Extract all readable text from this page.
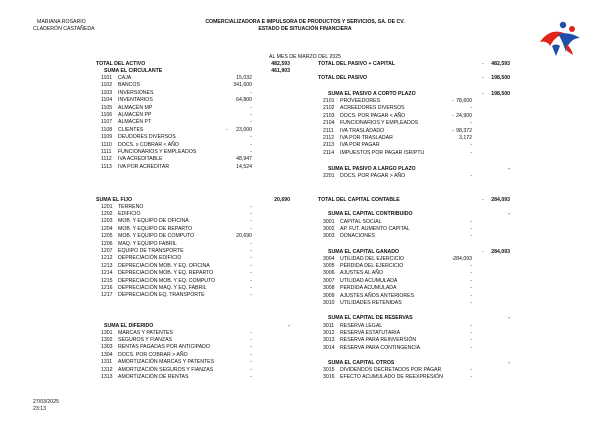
MARIANA ROSARIO
CLADERÓN CASTAÑEDA
COMERCIALIZADORA E IMPULSORA DE PRODUCTOS Y SERVICIOS, SA. DE CV.
ESTADO DE SITUACIÓN FINANCIERA
AL MES DE MARZO DEL 2025
TOTAL DEL ACTIVO	482,593
SUMA EL CIRCULANTE	461,903
1101 CAJA	15,032
1102 BANCOS	341,600
1103 INVERSIONES	-
1104 INVENTARIOS	64,800
1105 ALMACÉN MP	-
1106 ALMACÉN PP	-
1107 ALMACÉN PT	-
1108 CLIENTES	-	23,000
1109 DEUDORES DIVERSOS	-
1110 DOCS. x COBRAR < AÑO	-
1111 FUNCIONARIOS Y EMPLEADOS	-
1112 IVA ACREDITABLE	48,947
1113 IVA POR ACREDITAR	14,524
SUMA EL FIJO	20,690
1201 TERRENO	-
1202 EDIFICIO	-
1203 MOB. Y EQUIPO DE OFICINA	-
1204 MOB. Y EQUIPO DE REPARTO	-
1205 MOB. Y EQUIPO DE COMPUTO	20,690
1206 MAQ. Y EQUIPO FABRIL	-
1207 EQUIPO DE TRANSPORTE	-
1212 DEPRECIACIÓN EDIFICIO	-
1213 DEPRECIACIÓN MOB. Y EQ. OFICINA	-
1214 DEPRECIACIÓN MOB. Y EQ. REPARTO	-
1215 DEPRECIACIÓN MOB. Y EQ. COMPUTO	-
1216 DEPRECIACIÓN MAQ. Y EQ. FABRIL	-
1217 DEPRECIACIÓN EQ. TRANSPORTE	-
SUMA EL DIFERIDO	-
1301 MARCAS Y PATENTES	-
1302 SEGUROS Y FIANZAS	-
1303 RENTAS PAGADAS POR ANTICIPADO	-
1304 DOCS. POR COBRAR > AÑO	-
1311 AMORTIZACIÓN MARCAS Y PATENTES	-
1312 AMORTIZACIÓN SEGUROS Y FIANZAS	-
1313 AMORTIZACIÓN DE RENTAS	-
TOTAL DEL PASIVO + CAPITAL	-	482,593
TOTAL DEL PASIVO	-	198,500
SUMA EL PASIVO A CORTO PLAZO	-	198,500
2101 PROVEEDORES	- 78,600
2102 ACREEDORES DIVERSOS	-
2103 DOCS. POR PAGAR < AÑO	- 24,900
2104 FUNCIONARIOS Y EMPLEADOS	-
2111 IVA TRASLADADO	- 98,372
2112 IVA POR TRASLADAR	3,172
2113 IVA POR PAGAR	-
2114 IMPUESTOS POR PAGAR ISR/PTU	-
SUMA EL PASIVO A LARGO PLAZO	-
2201 DOCS. POR PAGAR > AÑO	-
TOTAL DEL CAPITAL CONTABLE	-	284,093
SUMA EL CAPITAL CONTRIBUIDO	-
3001 CAPITAL SOCIAL	-
3002 AP. FUT. AUMENTO CAPITAL	-
3003 DONACIONES	-
SUMA EL CAPITAL GANADO	-	284,093
3004 UTILIDAD DEL EJERCICIO	- 284,093
3005 PÉRDIDA DEL EJERCICIO	-
3006 AJUSTES AL AÑO	-
3007 UTILIDAD ACUMULADA	-
3008 PERDIDA ACUMULADA	-
3009 AJUSTES AÑOS ANTERIORES	-
3010 UTILIDADES RETENIDAS	-
SUMA EL CAPITAL DE RESERVAS	-
3011 RESERVA LEGAL	-
3012 RESERVA ESTATUTARIA	-
3013 RESERVA PARA REINVERSIÓN	-
3014 RESERVA PARA CONTINGENCIA	-
SUMA EL CAPITAL OTROS	-
3015 DIVIDENDOS DECRETADOS POR PAGAR	-
3016 EFECTO ACUMULADO DE REEXPRESIÓN	-
27/03/2025
23:13
